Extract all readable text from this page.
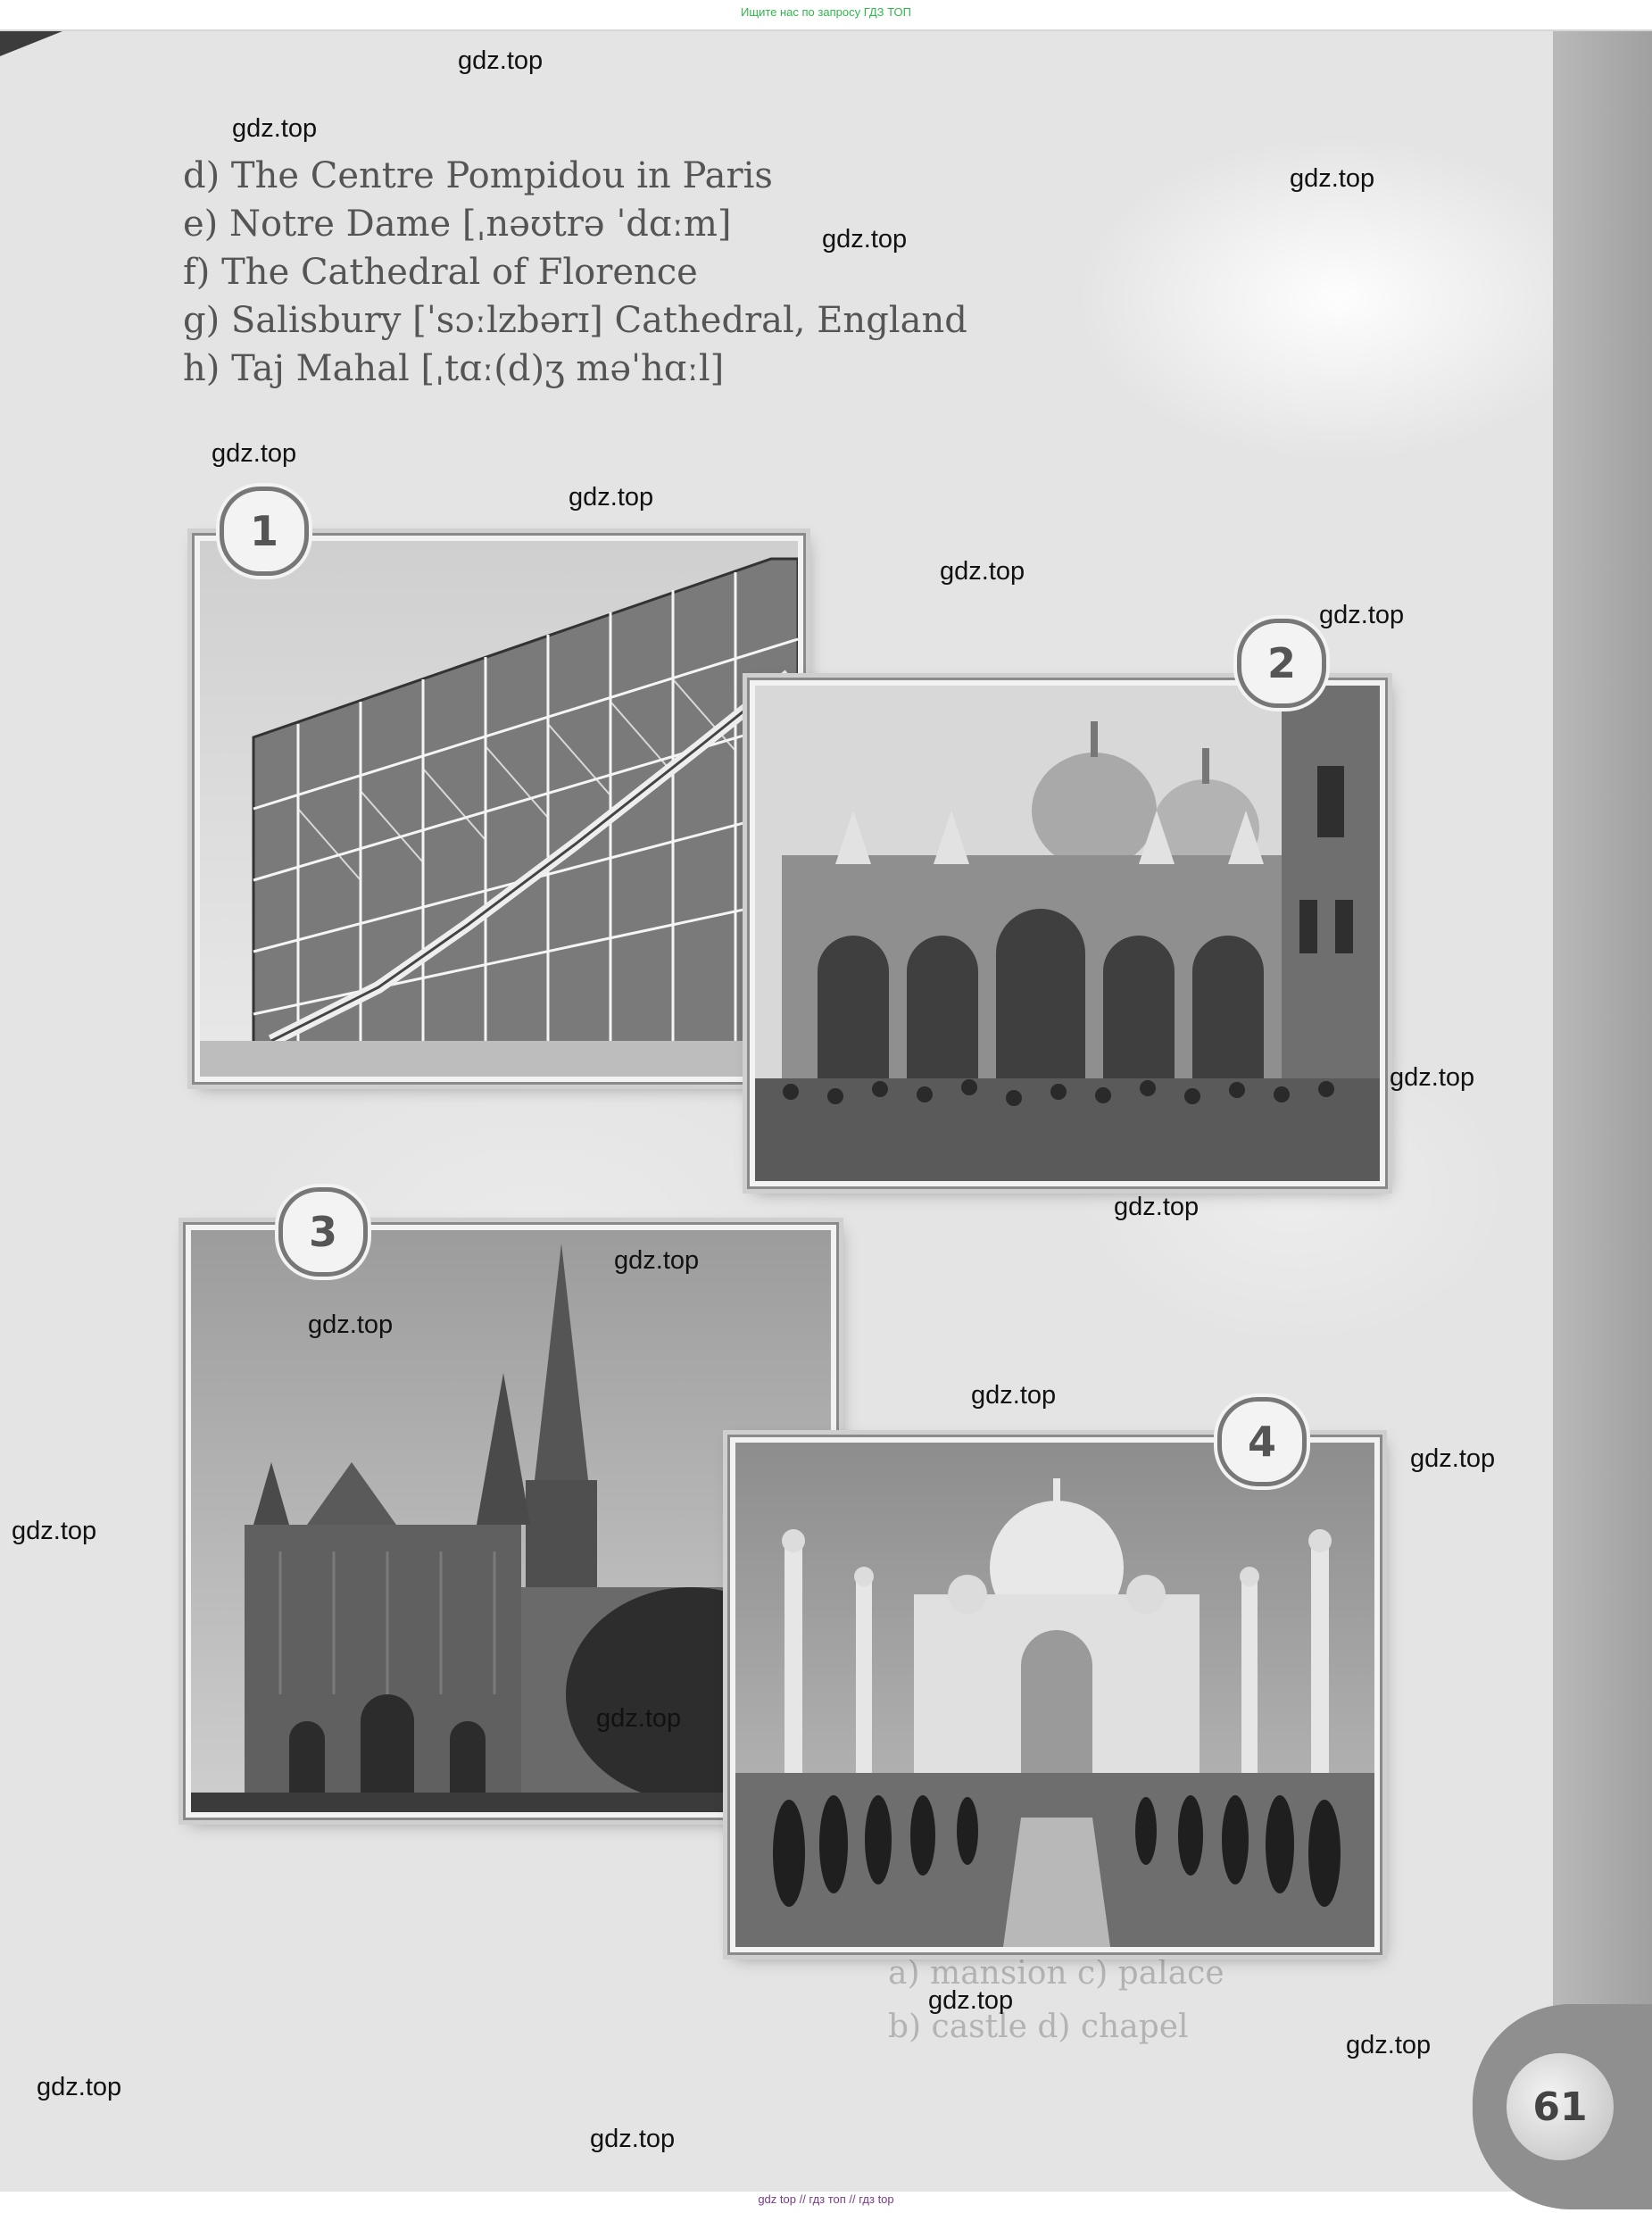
Ищите нас по запросу ГДЗ ТОП
61
d) The Centre Pompidou in Paris
e) Notre Dame [ˌnəʊtrə ˈdɑːm]
f) The Cathedral of Florence
g) Salisbury [ˈsɔːlzbərɪ] Cathedral, England
h) Taj Mahal [ˌtɑː(d)ʒ məˈhɑːl]
a) mansion c) palace
b) castle d) chapel
1
2
3
4
gdz.top
gdz.top
gdz.top
gdz.top
gdz.top
gdz.top
gdz.top
gdz.top
gdz.top
gdz.top
gdz.top
gdz.top
gdz.top
gdz.top
gdz.top
gdz.top
gdz.top
gdz.top
gdz.top
gdz.top
gdz top // гдз топ // гдз top
